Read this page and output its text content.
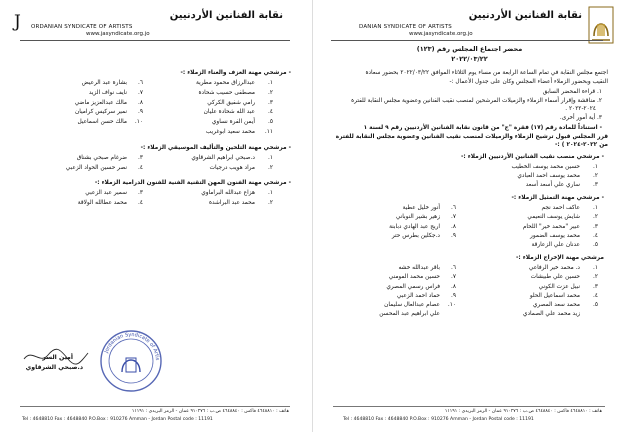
نقابة الفنانين الأردنيين
ORDANIAN SYNDICATE OF ARTISTS
www.jasyndicate.org.jo
J
- مرشحي مهنة العزف والغناء الزملاء :-
١.
عبدالرزاق محمود مطرية
٦.
بشارة عبد الرعيض
٢.
مصطفى حسيب شحادة
٧.
نايف نواف الزيد
٣.
رامي شفيق الكركي
٨.
مالك عبدالعزيز ماضي
٤.
عبد الله شحادة عليان
٩.
نمير سركيس كراميان
٥.
أيمن الفرة نساوي
١٠.
مالك حسن اسماعيل
١١.
محمد سعيد ابوغريب
- مرشحي مهنة التلحين والتأليف الموسيقي الزملاء :-
١.
د.صبحي ابراهيم الشرقاوي
٣.
ضرغام صبحي بشناق
٢.
مراد هويب درجيات
٤.
نصر حسين الحواد الزعبي
- مرشحي مهنة الفنون المهن التقنية الفنية للفنون الدرامية الزملاء :-
١.
هزاع عبدالله البراماوي
٣.
سمير عبد الزعبي
٢.
محمد عبد البراشدة
٤.
محمد عطالله الولاقة
Jordanian Syndicate of Artis
أمين السر
د.صبحي الشرقاوي
هاتف : ٤٦٤٨٨١٠ فاكس : ٤٦٤٨٨٤٠ ص.ب : ٩١٠٢٧٦ عمان - الرمز البريدي : ١١١٩١
Tel : 4648810 Fax : 4648840 P.O.Box : 910276 Amman - Jordan Postal code : 11191
نقابة الفنانين الأردنيين
DANIAN SYNDICATE OF ARTISTS
www.jasyndicate.org.jo
محضر اجتماع المجلس رقم (١٢٣)
٢٠٢٢/٠٣/٢٢
اجتمع مجلس النقابة في تمام الساعة الرابعة من مساء يوم الثلاثاء الموافق ٢٠٢٢/٠٣/٢٢ بحضور سعادة
النقيب وبحضور الزملاء أعضاء المجلس وكان على جدول الأعمال :-
١. قراءة المحضر السابق
٢. مناقشة وإقرار أسماء الزملاء والزميلات المرشحين لمنصب نقيب الفنانين وعضوية مجلس النقابة للفترة
٢٠٢٤-٢٠٢٢ .
٣. أية أمور أخرى.
- استناداً للمادة رقم (١٧) فقرة "ج" من قانون نقابة الفنانين الأردنيين رقم ٩ لسنة ١
قرر المجلس قبول ترشيح الزملاء والزميلات لمنصب نقيب الفنانين وعضوية مجلس النقابة للفترة
من ٢٠٢٢-٢٠٢٤ ) :-
- مرشحي منصب نقيب الفنانين الأردنيين الزملاء :-
١.
حسين محمد يوسف الخطيب
٢.
محمد يوسف احمد العبادي
٣.
ساري علي أسعد أسعد
- مرشحي مهنة التمثيل الزملاء :-
١.
عاكف احمد نجم
٦.
أنور خليل عطية
٢.
شايش يوسف النعيمي
٧.
زهير بشير النوباني
٣.
عبير "محمد خير" اللحام
٨.
اريج عبد الهادي دبابنة
٤.
محمد يوسف الضمور
٩.
د.جكلين بطرس حتر
٥.
عدنان علي الزعارقة
مرشحي مهنة الإخراج الزملاء :-
١.
د. محمد خير الرفاعي
٦.
باقر عبدالله خشه
٢.
حسين علي طبيشات
٧.
حسين محمد المومني
٣.
نبيل عزت الكوني
٨.
فراس رسمي المصري
٤.
محمد اسماعيل الحلو
٩.
حماد احمد الزعبي
٥.
محمد سعد المصري
١٠.
عصام عبدالعال سليمان
زيد محمد علي الصمادي
علي ابراهيم عبد المحسن
هاتف : ٤٦٤٨٨١٠ فاكس : ٤٦٤٨٨٤٠ ص.ب : ٩١٠٢٧٦ عمان - الرمز البريدي : ١١١٩١
Tel : 4648810 Fax : 4648840 P.O.Box : 910276 Amman - Jordan Postal code : 11191
